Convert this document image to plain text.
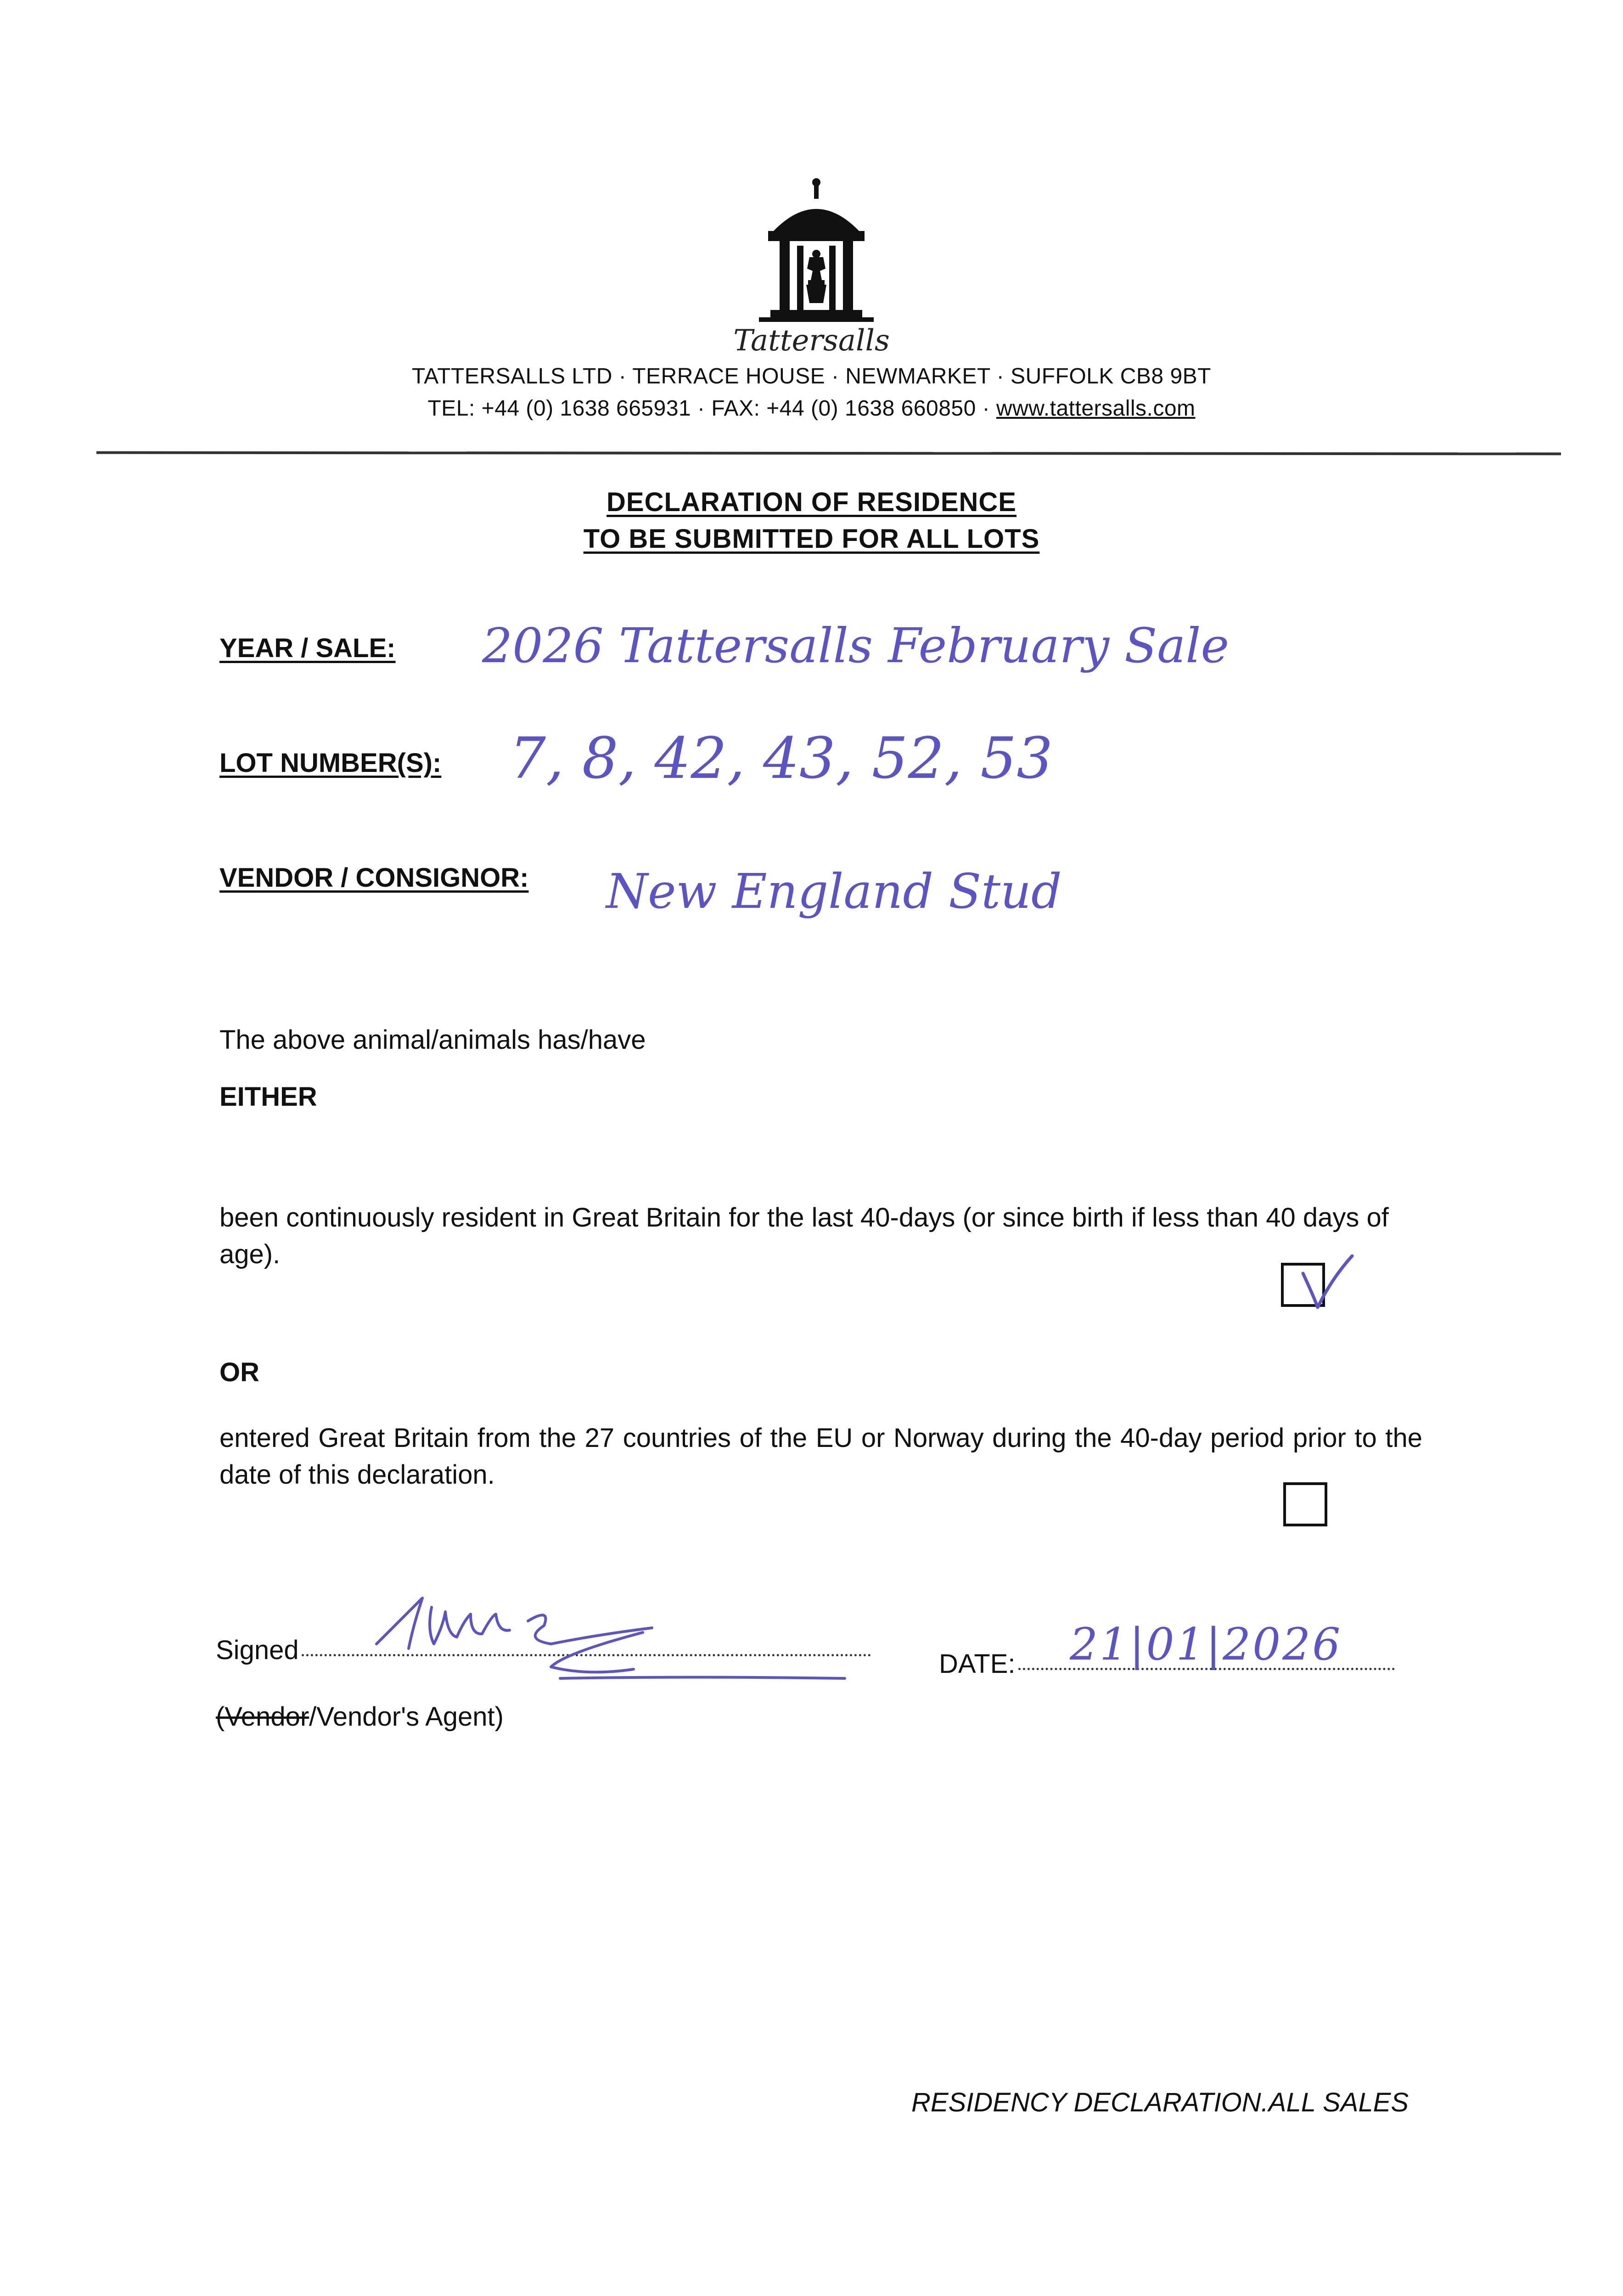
Tattersalls
TATTERSALLS LTD · TERRACE HOUSE · NEWMARKET · SUFFOLK CB8 9BT
TEL: +44 (0) 1638 665931 · FAX: +44 (0) 1638 660850 · www.tattersalls.com
DECLARATION OF RESIDENCE
TO BE SUBMITTED FOR ALL LOTS
YEAR / SALE: 2026 Tattersalls February Sale
LOT NUMBER(S): 7, 8, 42, 43, 52, 53
VENDOR / CONSIGNOR: New England Stud
The above animal/animals has/have
EITHER
been continuously resident in Great Britain for the last 40-days (or since birth if less than 40 days of age).
OR
entered Great Britain from the 27 countries of the EU or Norway during the 40-day period prior to the date of this declaration.
Signed
(Vendor/Vendor's Agent)
DATE:	21|01|2026
RESIDENCY DECLARATION.ALL SALES
